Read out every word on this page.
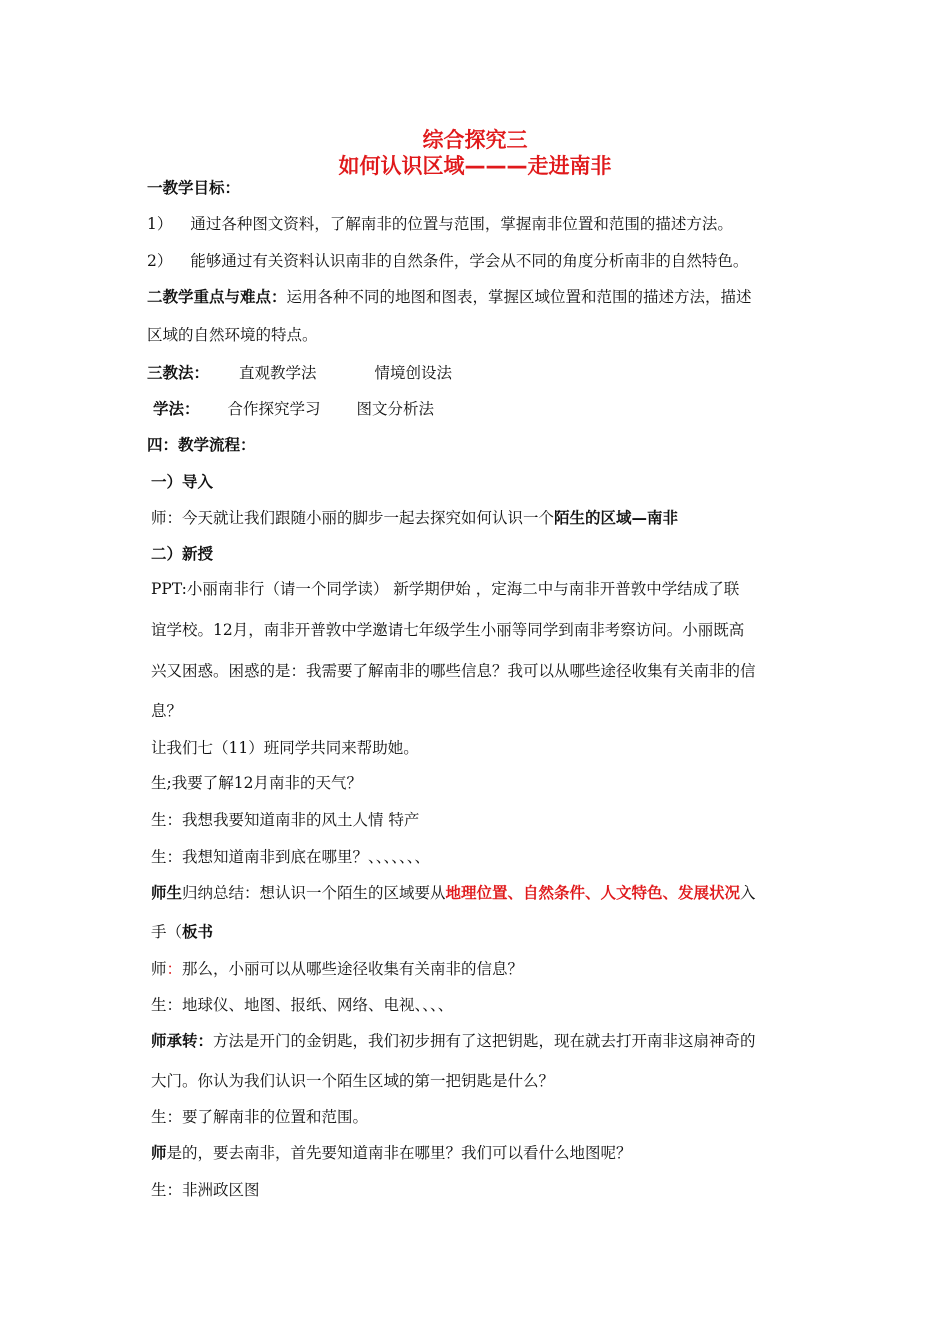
综合探究三
如何认识区域———走进南非
一教学目标：
1） 通过各种图文资料，了解南非的位置与范围，掌握南非位置和范围的描述方法。
2） 能够通过有关资料认识南非的自然条件，学会从不同的角度分析南非的自然特色。
二教学重点与难点：运用各种不同的地图和图表，掌握区域位置和范围的描述方法，描述
区域的自然环境的特点。
三教法： 直观教学法	情境创设法
学法： 合作探究学习 图文分析法
四：教学流程：
一）导入
师：今天就让我们跟随小丽的脚步一起去探究如何认识一个陌生的区域—南非
二）新授
PPT:小丽南非行（请一个同学读） 新学期伊始 ，定海二中与南非开普敦中学结成了联
谊学校。12月，南非开普敦中学邀请七年级学生小丽等同学到南非考察访问。小丽既高
兴又困惑。困惑的是：我需要了解南非的哪些信息？我可以从哪些途径收集有关南非的信
息？
让我们七（11）班同学共同来帮助她。
生;我要了解12月南非的天气？
生：我想我要知道南非的风土人情 特产
生：我想知道南非到底在哪里？、、、、、、、
师生归纳总结：想认识一个陌生的区域要从地理位置、自然条件、人文特色、发展状况入
手（板书
师：那么，小丽可以从哪些途径收集有关南非的信息？
生：地球仪、地图、报纸、网络、电视、、、、
师承转：方法是开门的金钥匙，我们初步拥有了这把钥匙，现在就去打开南非这扇神奇的
大门。你认为我们认识一个陌生区域的第一把钥匙是什么？
生：要了解南非的位置和范围。
师是的，要去南非，首先要知道南非在哪里？我们可以看什么地图呢？
生：非洲政区图
